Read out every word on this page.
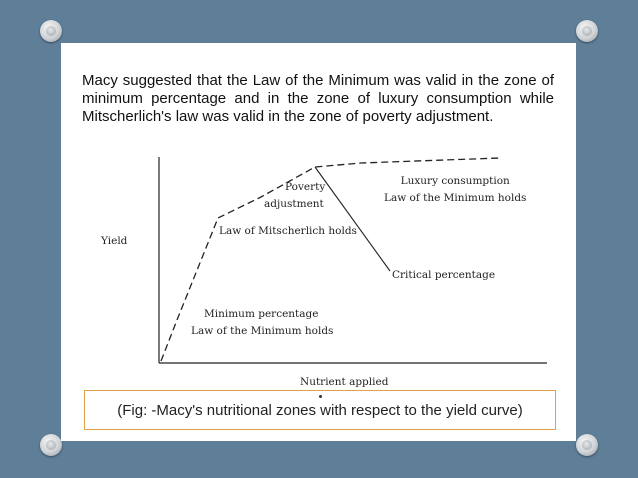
Macy suggested that the Law of the Minimum was valid in the zone of minimum percentage and in the zone of luxury consumption while Mitscherlich's law was valid in the zone of poverty adjustment.

Yield
Nutrient applied
Poverty
adjustment
Law of Mitscherlich holds
Luxury consumption
Law of the Minimum holds
Critical percentage
Minimum percentage
Law of the Minimum holds
(Fig: -Macy's nutritional zones with respect to the yield curve)
